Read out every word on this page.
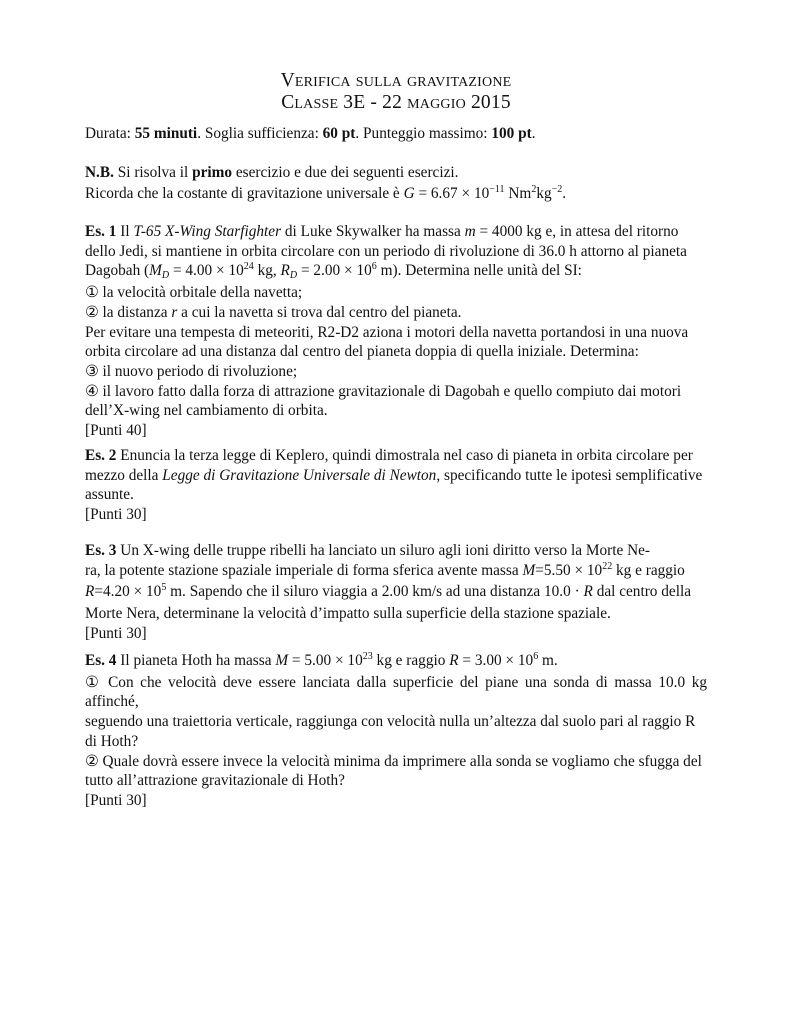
Verifica sulla gravitazione
Classe 3E - 22 maggio 2015
Durata: 55 minuti. Soglia sufficienza: 60 pt. Punteggio massimo: 100 pt.
N.B. Si risolva il primo esercizio e due dei seguenti esercizi.
Ricorda che la costante di gravitazione universale è $G = 6.67 \times 10^{-11}$ $Nm^2kg^{-2}$.
Es. 1 Il T-65 X-Wing Starfighter di Luke Skywalker ha massa m = 4000 kg e, in attesa del ritorno
dello Jedi, si mantiene in orbita circolare con un periodo di rivoluzione di 36.0 h attorno al pianeta
Dagobah ($M_D = 4.00 \times 10^{24}$ kg, $R_D = 2.00 \times 10^6$ m). Determina nelle unità del SI:
① la velocità orbitale della navetta;
② la distanza r a cui la navetta si trova dal centro del pianeta.
Per evitare una tempesta di meteoriti, R2-D2 aziona i motori della navetta portandosi in una nuova
orbita circolare ad una distanza dal centro del pianeta doppia di quella iniziale. Determina:
③ il nuovo periodo di rivoluzione;
④ il lavoro fatto dalla forza di attrazione gravitazionale di Dagobah e quello compiuto dai motori
dell’X-wing nel cambiamento di orbita.
[Punti 40]
Es. 2 Enuncia la terza legge di Keplero, quindi dimostrala nel caso di pianeta in orbita circolare per
mezzo della Legge di Gravitazione Universale di Newton, specificando tutte le ipotesi semplificative
assunte.
[Punti 30]
Es. 3 Un X-wing delle truppe ribelli ha lanciato un siluro agli ioni diritto verso la Morte Ne-
ra, la potente stazione spaziale imperiale di forma sferica avente massa $M=5.50 \times 10^{22}$ kg e raggio
$R=4.20 \times 10^5$ m. Sapendo che il siluro viaggia a 2.00 km/s ad una distanza 10.0 · R dal centro della
Morte Nera, determinane la velocità d’impatto sulla superficie della stazione spaziale.
[Punti 30]
Es. 4 Il pianeta Hoth ha massa $M = 5.00 \times 10^{23}$ kg e raggio $R = 3.00 \times 10^6$ m.
① Con che velocità deve essere lanciata dalla superficie del piane una sonda di massa 10.0 kg affinché,
seguendo una traiettoria verticale, raggiunga con velocità nulla un’altezza dal suolo pari al raggio R
di Hoth?
② Quale dovrà essere invece la velocità minima da imprimere alla sonda se vogliamo che sfugga del
tutto all’attrazione gravitazionale di Hoth?
[Punti 30]
